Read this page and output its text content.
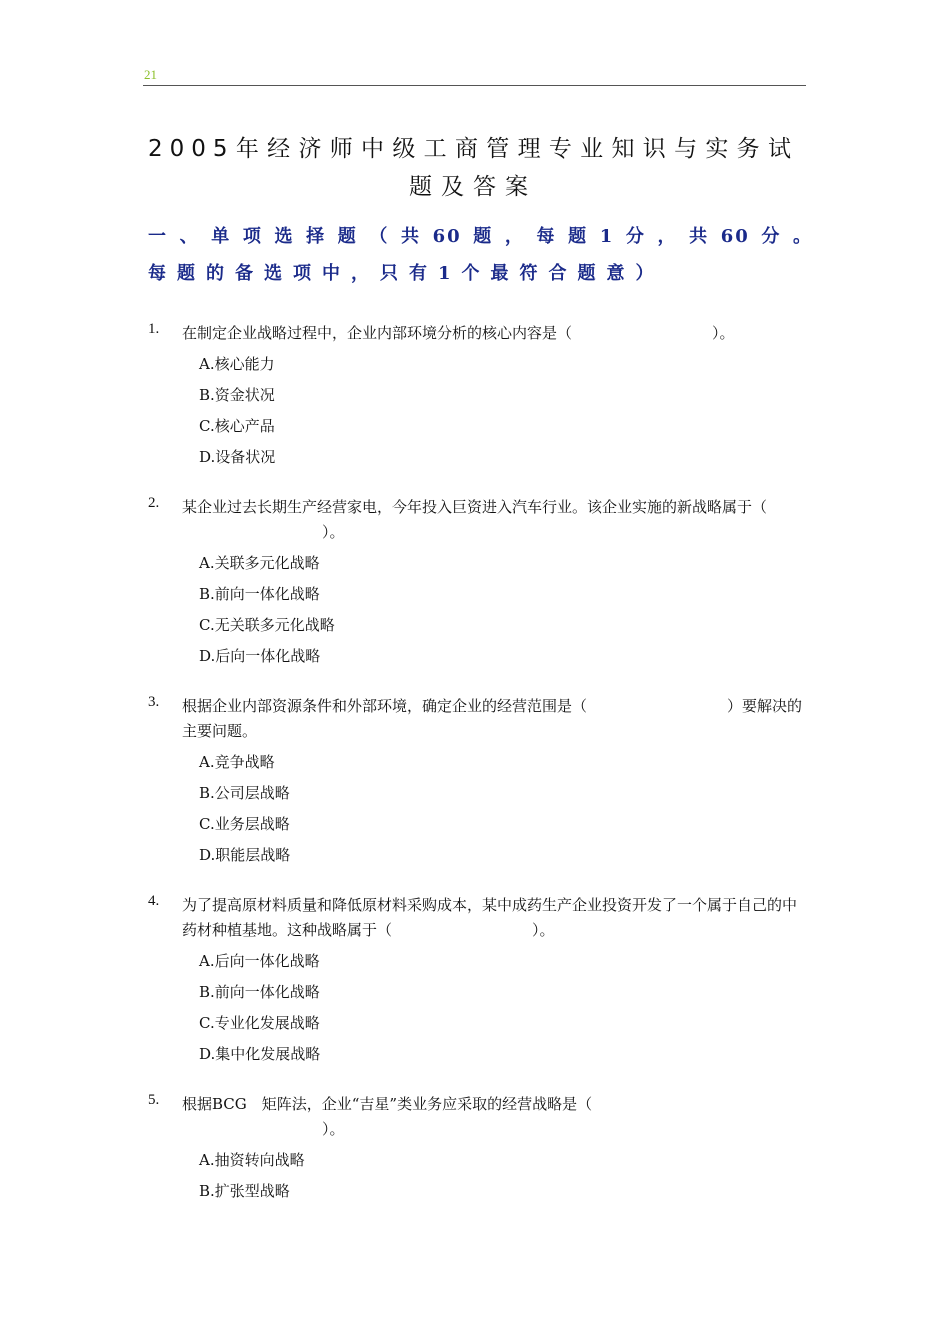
21
2005年经济师中级工商管理专业知识与实务试
题及答案
一、单项选择题（共60题，每题1分，共60分。
每题的备选项中，只有1个最符合题意）
1.	在制定企业战略过程中，企业内部环境分析的核心内容是（	）。
A.核心能力
B.资金状况
C.核心产品
D.设备状况
2.	某企业过去长期生产经营家电，今年投入巨资进入汽车行业。该企业实施的新战略属于（）。
A.关联多元化战略
B.前向一体化战略
C.无关联多元化战略
D.后向一体化战略
3.	根据企业内部资源条件和外部环境，确定企业的经营范围是（	）要解决的主要问题。
A.竞争战略
B.公司层战略
C.业务层战略
D.职能层战略
4.	为了提高原材料质量和降低原材料采购成本，某中成药生产企业投资开发了一个属于自己的中药材种植基地。这种战略属于（	）。
A.后向一体化战略
B.前向一体化战略
C.专业化发展战略
D.集中化发展战略
5.	根据BCG　矩阵法，企业“吉星”类业务应采取的经营战略是（）。
A.抽资转向战略
B.扩张型战略
